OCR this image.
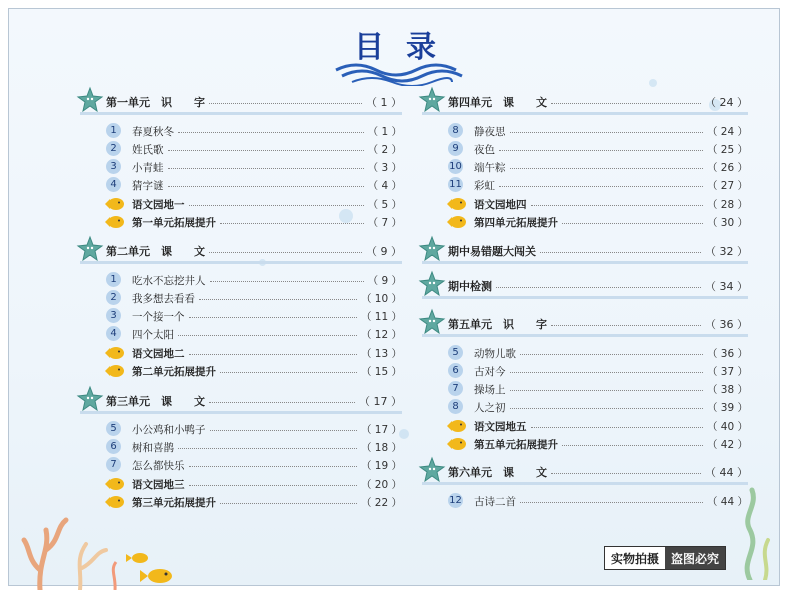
目录
第一单元　识　　字	（ 1 ）
1	春夏秋冬	（ 1 ）
2	姓氏歌	（ 2 ）
3	小青蛙	（ 3 ）
4	猜字谜	（ 4 ）
语文园地一	（ 5 ）
第一单元拓展提升	（ 7 ）
第二单元　课　　文	（ 9 ）
1	吃水不忘挖井人	（ 9 ）
2	我多想去看看	（ 10 ）
3	一个接一个	（ 11 ）
4	四个太阳	（ 12 ）
语文园地二	（ 13 ）
第二单元拓展提升	（ 15 ）
第三单元　课　　文	（ 17 ）
5	小公鸡和小鸭子	（ 17 ）
6	树和喜鹊	（ 18 ）
7	怎么都快乐	（ 19 ）
语文园地三	（ 20 ）
第三单元拓展提升	（ 22 ）
第四单元　课　　文	（ 24 ）
8	静夜思	（ 24 ）
9	夜色	（ 25 ）
10 端午粽	（ 26 ）
11 彩虹	（ 27 ）
语文园地四	（ 28 ）
第四单元拓展提升	（ 30 ）
期中易错题大闯关	（ 32 ）
期中检测	（ 34 ）
第五单元　识　　字	（ 36 ）
5	动物儿歌	（ 36 ）
6	古对今	（ 37 ）
7	操场上	（ 38 ）
8	人之初	（ 39 ）
语文园地五	（ 40 ）
第五单元拓展提升	（ 42 ）
第六单元　课　　文	（ 44 ）
12 古诗二首	（ 44 ）
实物拍摄	盗图必究
